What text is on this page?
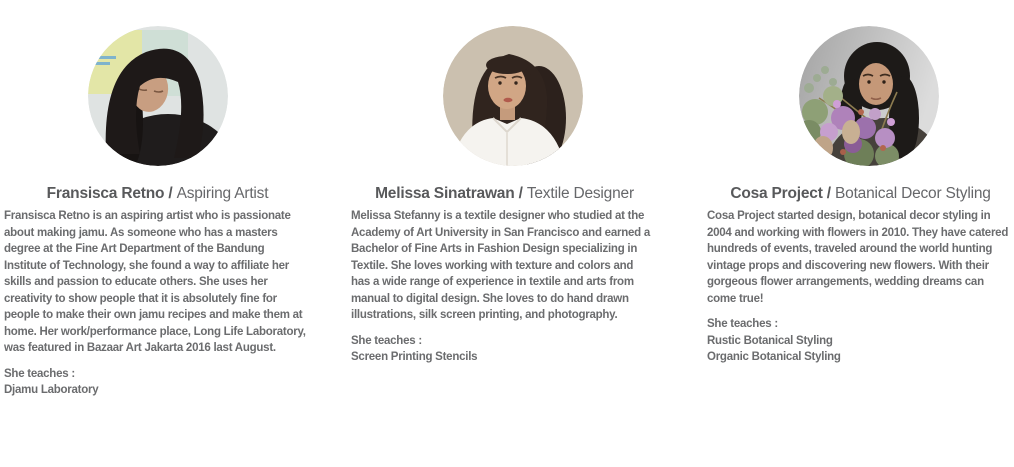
Fransisca Retno / Aspiring Artist

Fransisca Retno is an aspiring artist who is passionate about making jamu. As someone who has a masters degree at the Fine Art Department of the Bandung Institute of Technology, she found a way to affiliate her skills and passion to educate others. She uses her creativity to show people that it is absolutely fine for people to make their own jamu recipes and make them at home. Her work/performance place, Long Life Laboratory, was featured in Bazaar Art Jakarta 2016 last August.

She teaches :
Djamu Laboratory
Melissa Sinatrawan / Textile Designer

Melissa Stefanny is a textile designer who studied at the Academy of Art University in San Francisco and earned a Bachelor of Fine Arts in Fashion Design specializing in Textile. She loves working with texture and colors and has a wide range of experience in textile and arts from manual to digital design. She loves to do hand drawn illustrations, silk screen printing, and photography.

She teaches :
Screen Printing Stencils
Cosa Project / Botanical Decor Styling

Cosa Project started design, botanical decor styling in 2004 and working with flowers in 2010. They have catered hundreds of events, traveled around the world hunting vintage props and discovering new flowers. With their gorgeous flower arrangements, wedding dreams can come true!

She teaches :
Rustic Botanical Styling
Organic Botanical Styling
